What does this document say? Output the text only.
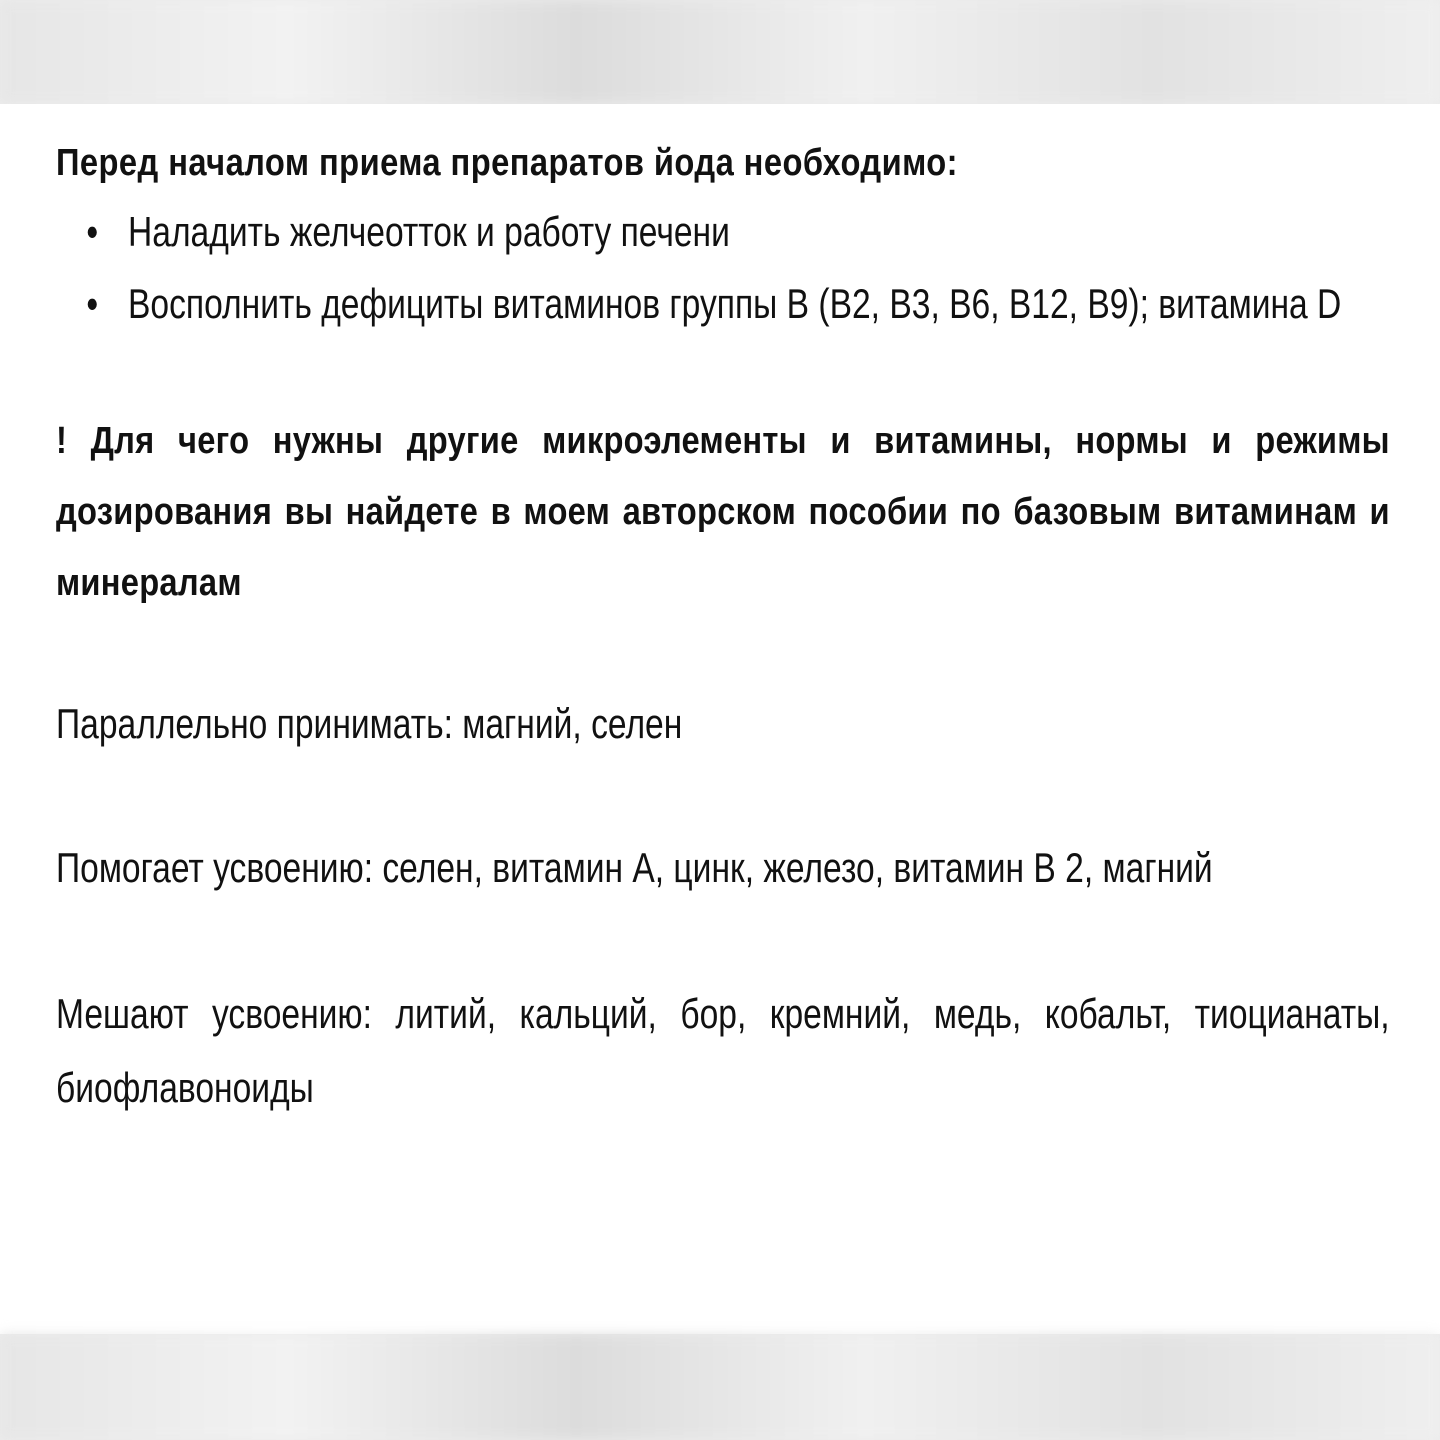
Перед началом приема препаратов йода необходимо:

• Наладить желчеотток и работу печени
• Восполнить дефициты витаминов группы В (В2, В3, В6, В12, В9); витамина D

! Для чего нужны другие микроэлементы и витамины, нормы и режимы дозирования вы найдете в моем авторском пособии по базовым витаминам и минералам

Параллельно принимать: магний, селен

Помогает усвоению: селен, витамин А, цинк, железо, витамин В 2, магний

Мешают усвоению: литий, кальций, бор, кремний, медь, кобальт, тиоцианаты, биофлавоноиды
